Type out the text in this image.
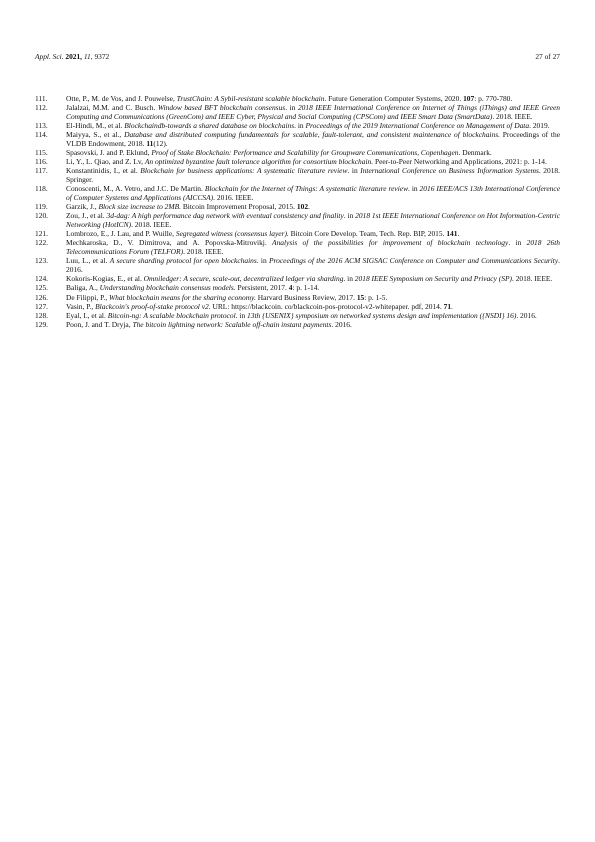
Appl. Sci. 2021, 11, 9372	27 of 27
111. Otte, P., M. de Vos, and J. Pouwelse, TrustChain: A Sybil-resistant scalable blockchain. Future Generation Computer Systems, 2020. 107: p. 770-780.
112. Jalalzai, M.M. and C. Busch. Window based BFT blockchain consensus. in 2018 IEEE International Conference on Internet of Things (iThings) and IEEE Green Computing and Communications (GreenCom) and IEEE Cyber, Physical and Social Computing (CPSCom) and IEEE Smart Data (SmartData). 2018. IEEE.
113. El-Hindi, M., et al. Blockchaindb-towards a shared database on blockchains. in Proceedings of the 2019 International Conference on Management of Data. 2019.
114. Maiyya, S., et al., Database and distributed computing fundamentals for scalable, fault-tolerant, and consistent maintenance of blockchains. Proceedings of the VLDB Endowment, 2018. 11(12).
115. Spasovski, J. and P. Eklund, Proof of Stake Blockchain: Performance and Scalability for Groupware Communications, Copenhagen. Denmark.
116. Li, Y., L. Qiao, and Z. Lv, An optimized byzantine fault tolerance algorithm for consortium blockchain. Peer-to-Peer Networking and Applications, 2021: p. 1-14.
117. Konstantinidis, I., et al. Blockchain for business applications: A systematic literature review. in International Conference on Business Information Systems. 2018. Springer.
118. Conoscenti, M., A. Vetro, and J.C. De Martin. Blockchain for the Internet of Things: A systematic literature review. in 2016 IEEE/ACS 13th International Conference of Computer Systems and Applications (AICCSA). 2016. IEEE.
119. Garzik, J., Block size increase to 2MB. Bitcoin Improvement Proposal, 2015. 102.
120. Zou, J., et al. 3d-dag: A high performance dag network with eventual consistency and finality. in 2018 1st IEEE International Conference on Hot Information-Centric Networking (HotICN). 2018. IEEE.
121. Lombrozo, E., J. Lau, and P. Wuille, Segregated witness (consensus layer). Bitcoin Core Develop. Team, Tech. Rep. BIP, 2015. 141.
122. Mechkaroska, D., V. Dimitrova, and A. Popovska-Mitrovikj. Analysis of the possibilities for improvement of blockchain technology. in 2018 26th Telecommunications Forum (TELFOR). 2018. IEEE.
123. Luu, L., et al. A secure sharding protocol for open blockchains. in Proceedings of the 2016 ACM SIGSAC Conference on Computer and Communications Security. 2016.
124. Kokoris-Kogias, E., et al. Omniledger: A secure, scale-out, decentralized ledger via sharding. in 2018 IEEE Symposium on Security and Privacy (SP). 2018. IEEE.
125. Baliga, A., Understanding blockchain consensus models. Persistent, 2017. 4: p. 1-14.
126. De Filippi, P., What blockchain means for the sharing economy. Harvard Business Review, 2017. 15: p. 1-5.
127. Vasin, P., Blackcoin's proof-of-stake protocol v2. URL: https://blackcoin. co/blackcoin-pos-protocol-v2-whitepaper. pdf, 2014. 71.
128. Eyal, I., et al. Bitcoin-ng: A scalable blockchain protocol. in 13th {USENIX} symposium on networked systems design and implementation ({NSDI} 16). 2016.
129. Poon, J. and T. Dryja, The bitcoin lightning network: Scalable off-chain instant payments. 2016.
